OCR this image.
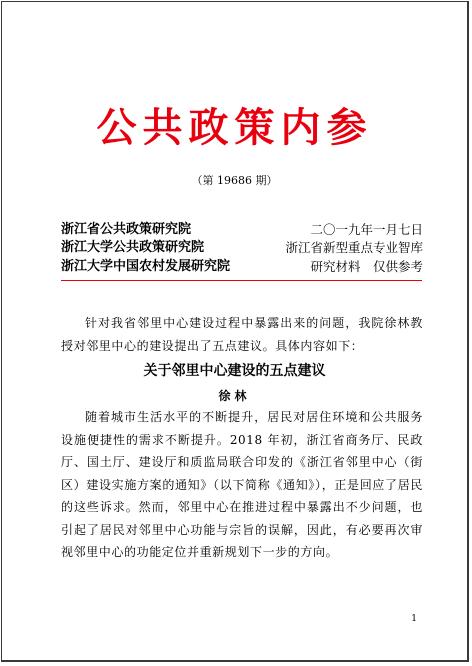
公共政策内参
（第 19686 期）
浙江省公共政策研究院	二〇一九年一月七日
浙江大学公共政策研究院	浙江省新型重点专业智库
浙江大学中国农村发展研究院	研究材料　仅供参考

针对我省邻里中心建设过程中暴露出来的问题，我院徐林教授对邻里中心的建设提出了五点建议。具体内容如下：

关于邻里中心建设的五点建议
徐林

随着城市生活水平的不断提升，居民对居住环境和公共服务设施便捷性的需求不断提升。2018 年初，浙江省商务厅、民政厅、国土厅、建设厅和质监局联合印发的《浙江省邻里中心（街区）建设实施方案的通知》（以下简称《通知》），正是回应了居民的这些诉求。然而，邻里中心在推进过程中暴露出不少问题，也引起了居民对邻里中心功能与宗旨的误解，因此，有必要再次审视邻里中心的功能定位并重新规划下一步的方向。

1
